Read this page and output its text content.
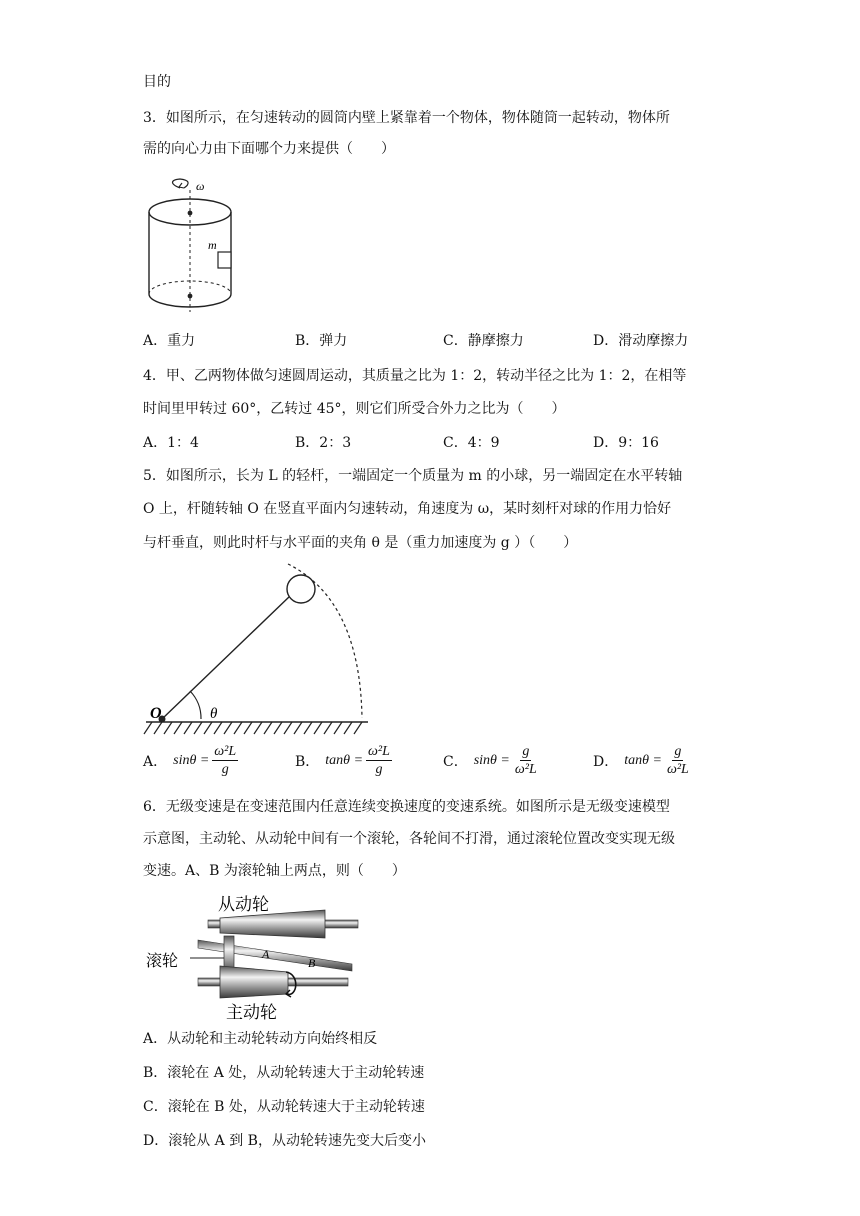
目的
3．如图所示，在匀速转动的圆筒内壁上紧靠着一个物体，物体随筒一起转动，物体所
需的向心力由下面哪个力来提供（　　）
ω
m
A．重力	B．弹力	C．静摩擦力	D．滑动摩擦力
4．甲、乙两物体做匀速圆周运动，其质量之比为 1：2，转动半径之比为 1：2，在相等
时间里甲转过 60°，乙转过 45°，则它们所受合外力之比为（　　）
A．1：4	B．2：3	C．4：9	D．9：16
5．如图所示，长为 L 的轻杆，一端固定一个质量为 m 的小球，另一端固定在水平转轴
O 上，杆随转轴 O 在竖直平面内匀速转动，角速度为 ω，某时刻杆对球的作用力恰好
与杆垂直，则此时杆与水平面的夹角 θ 是（重力加速度为 g ）（　　）
θ
O
A． $\sin\theta = \frac{\text{ω²L}}{g}$	B． $\tan\theta = \frac{\text{ω²L}}{g}$	C． $\sin\theta = \frac{g}{\text{ω²L}}$	D． $\tan\theta = \frac{g}{\text{ω²L}}$
6．无级变速是在变速范围内任意连续变换速度的变速系统。如图所示是无级变速模型
示意图，主动轮、从动轮中间有一个滚轮，各轮间不打滑，通过滚轮位置改变实现无级
变速。A、B 为滚轮轴上两点，则（　　）
从动轮
滚轮
主动轮
A
B
A．从动轮和主动轮转动方向始终相反
B．滚轮在 A 处，从动轮转速大于主动轮转速
C．滚轮在 B 处，从动轮转速大于主动轮转速
D．滚轮从 A 到 B，从动轮转速先变大后变小
